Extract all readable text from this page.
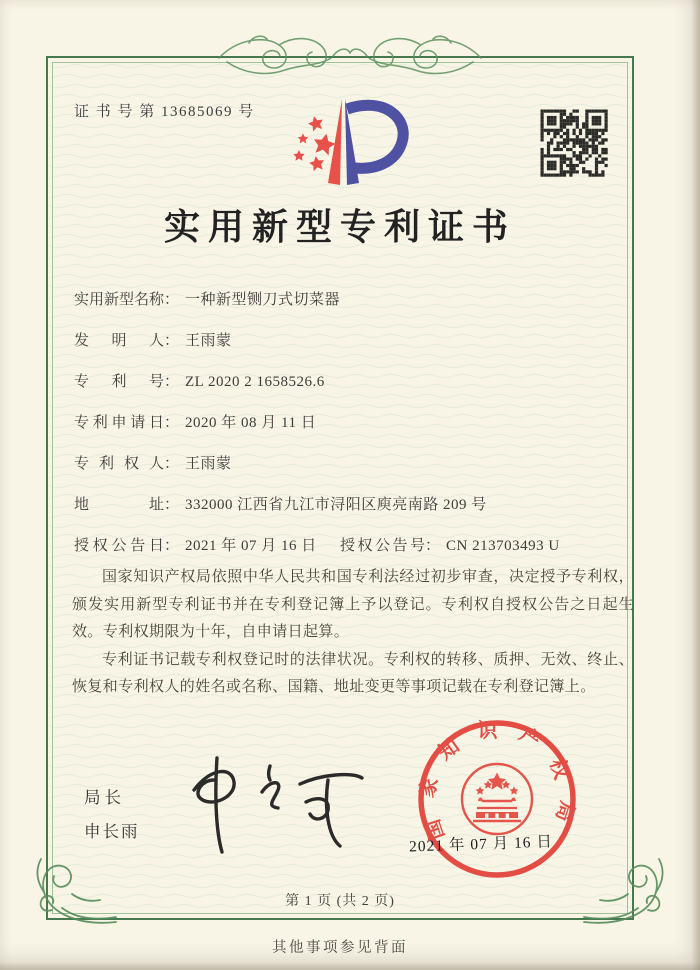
证 书 号 第 13685069 号
实用新型专利证书
实用新型名称： 一种新型铡刀式切菜器
发明人： 王雨蒙
专利号： ZL 2020 2 1658526.6
专利申请日： 2020 年 08 月 11 日
专利权人： 王雨蒙
地址： 332000 江西省九江市浔阳区庾亮南路 209 号
授权公告日： 2021 年 07 月 16 日 授权公告号： CN 213703493 U

国家知识产权局依照中华人民共和国专利法经过初步审查，决定授予专利权，颁发实用新型专利证书并在专利登记簿上予以登记。专利权自授权公告之日起生效。专利权期限为十年，自申请日起算。

专利证书记载专利权登记时的法律状况。专利权的转移、质押、无效、终止、恢复和专利权人的姓名或名称、国籍、地址变更等事项记载在专利登记簿上。

局长
申长雨	国家知识产权局
2021 年 07 月 16 日
第 1 页 (共 2 页)
其他事项参见背面
